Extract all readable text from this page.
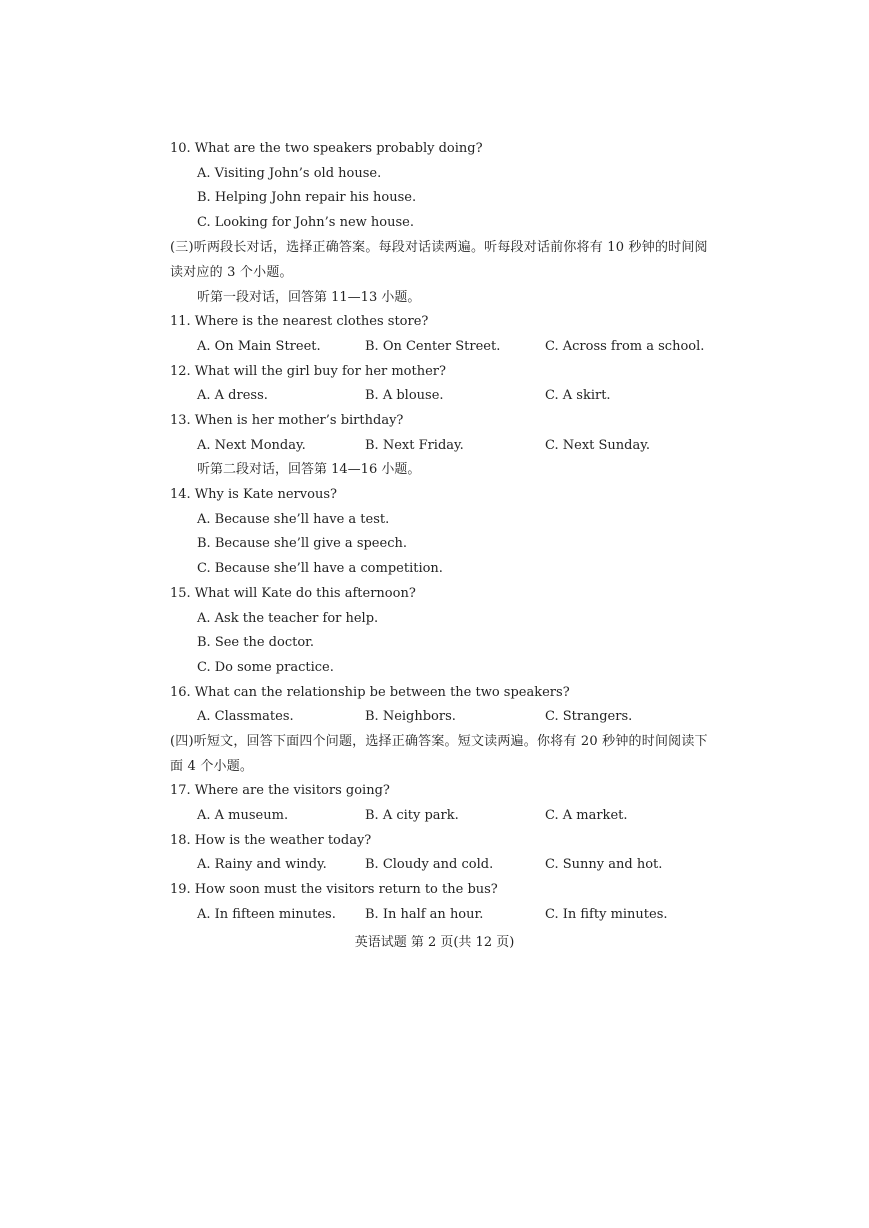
10. What are the two speakers probably doing?
A. Visiting John’s old house.
B. Helping John repair his house.
C. Looking for John’s new house.
(三)听两段长对话，选择正确答案。每段对话读两遍。听每段对话前你将有 10 秒钟的时间阅
读对应的 3 个小题。
听第一段对话，回答第 11—13 小题。
11. Where is the nearest clothes store?
A. On Main Street.	B. On Center Street.	C. Across from a school.
12. What will the girl buy for her mother?
A. A dress.	B. A blouse.	C. A skirt.
13. When is her mother’s birthday?
A. Next Monday.	B. Next Friday.	C. Next Sunday.
听第二段对话，回答第 14—16 小题。
14. Why is Kate nervous?
A. Because she’ll have a test.
B. Because she’ll give a speech.
C. Because she’ll have a competition.
15. What will Kate do this afternoon?
A. Ask the teacher for help.
B. See the doctor.
C. Do some practice.
16. What can the relationship be between the two speakers?
A. Classmates.	B. Neighbors.	C. Strangers.
(四)听短文，回答下面四个问题，选择正确答案。短文读两遍。你将有 20 秒钟的时间阅读下
面 4 个小题。
17. Where are the visitors going?
A. A museum.	B. A city park.	C. A market.
18. How is the weather today?
A. Rainy and windy.	B. Cloudy and cold.	C. Sunny and hot.
19. How soon must the visitors return to the bus?
A. In fifteen minutes. B. In half an hour.	C. In fifty minutes.
英语试题 第 2 页(共 12 页)
